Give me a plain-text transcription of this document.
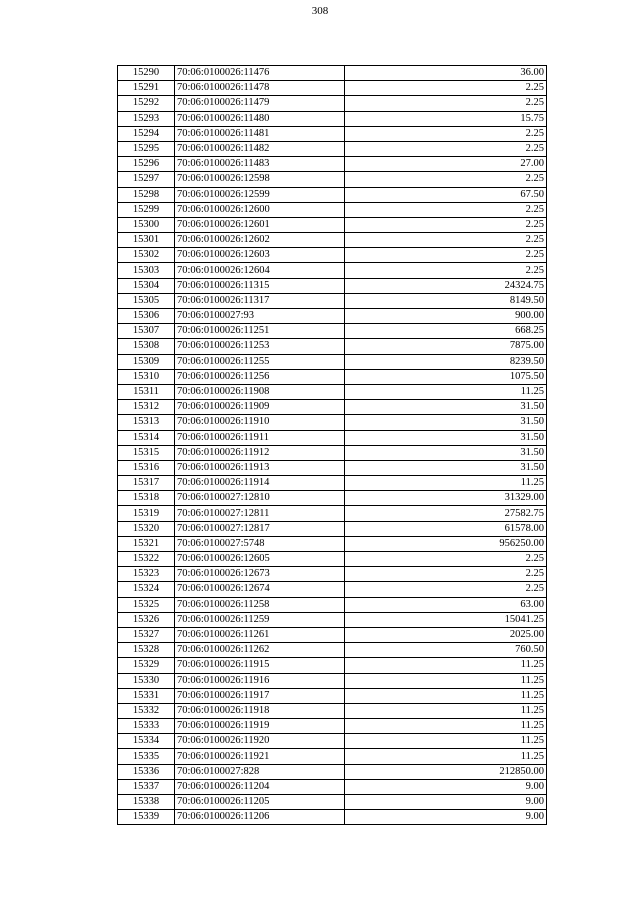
308
15290	70:06:0100026:11476	36.00
15291	70:06:0100026:11478	2.25
15292	70:06:0100026:11479	2.25
15293	70:06:0100026:11480	15.75
15294	70:06:0100026:11481	2.25
15295	70:06:0100026:11482	2.25
15296	70:06:0100026:11483	27.00
15297	70:06:0100026:12598	2.25
15298	70:06:0100026:12599	67.50
15299	70:06:0100026:12600	2.25
15300	70:06:0100026:12601	2.25
15301	70:06:0100026:12602	2.25
15302	70:06:0100026:12603	2.25
15303	70:06:0100026:12604	2.25
15304	70:06:0100026:11315	24324.75
15305	70:06:0100026:11317	8149.50
15306	70:06:0100027:93	900.00
15307	70:06:0100026:11251	668.25
15308	70:06:0100026:11253	7875.00
15309	70:06:0100026:11255	8239.50
15310	70:06:0100026:11256	1075.50
15311	70:06:0100026:11908	11.25
15312	70:06:0100026:11909	31.50
15313	70:06:0100026:11910	31.50
15314	70:06:0100026:11911	31.50
15315	70:06:0100026:11912	31.50
15316	70:06:0100026:11913	31.50
15317	70:06:0100026:11914	11.25
15318	70:06:0100027:12810	31329.00
15319	70:06:0100027:12811	27582.75
15320	70:06:0100027:12817	61578.00
15321	70:06:0100027:5748	956250.00
15322	70:06:0100026:12605	2.25
15323	70:06:0100026:12673	2.25
15324	70:06:0100026:12674	2.25
15325	70:06:0100026:11258	63.00
15326	70:06:0100026:11259	15041.25
15327	70:06:0100026:11261	2025.00
15328	70:06:0100026:11262	760.50
15329	70:06:0100026:11915	11.25
15330	70:06:0100026:11916	11.25
15331	70:06:0100026:11917	11.25
15332	70:06:0100026:11918	11.25
15333	70:06:0100026:11919	11.25
15334	70:06:0100026:11920	11.25
15335	70:06:0100026:11921	11.25
15336	70:06:0100027:828	212850.00
15337	70:06:0100026:11204	9.00
15338	70:06:0100026:11205	9.00
15339	70:06:0100026:11206	9.00
